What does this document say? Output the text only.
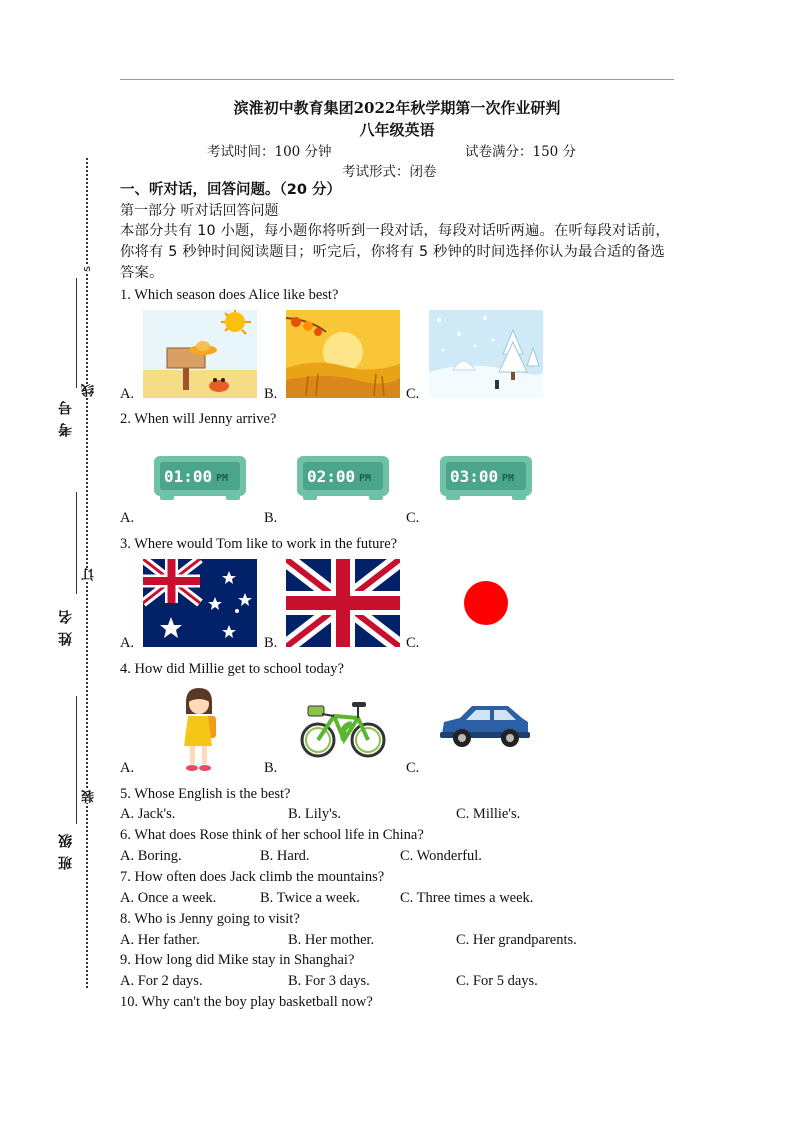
考号
姓名
班级
线
订
装
s
滨淮初中教育集团2022年秋学期第一次作业研判
八年级英语
考试时间：100 分钟	试卷满分：150 分
考试形式：闭卷
一、听对话，回答问题。（20 分）
第一部分 听对话回答问题
本部分共有 10 小题，每小题你将听到一段对话，每段对话听两遍。在听每段对话前，你将有 5 秒钟时间阅读题目；听完后，你将有 5 秒钟的时间选择你认为最合适的备选答案。
1. Which season does Alice like best?
A.	B.	C.
2. When will Jenny arrive?
01:00 PM	02:00 PM	03:00 PM
A.	B.	C.
3. Where would Tom like to work in the future?
A.	B.	C.
4. How did Millie get to school today?
A.	B.	C.
5. Whose English is the best?
A. Jack's.	B. Lily's.	C. Millie's.
6. What does Rose think of her school life in China?
A. Boring.	B. Hard.	C. Wonderful.
7. How often does Jack climb the mountains?
A. Once a week.	B. Twice a week.	C. Three times a week.
8. Who is Jenny going to visit?
A. Her father.	B. Her mother.	C. Her grandparents.
9. How long did Mike stay in Shanghai?
A. For 2 days.	B. For 3 days.	C. For 5 days.
10. Why can't the boy play basketball now?
